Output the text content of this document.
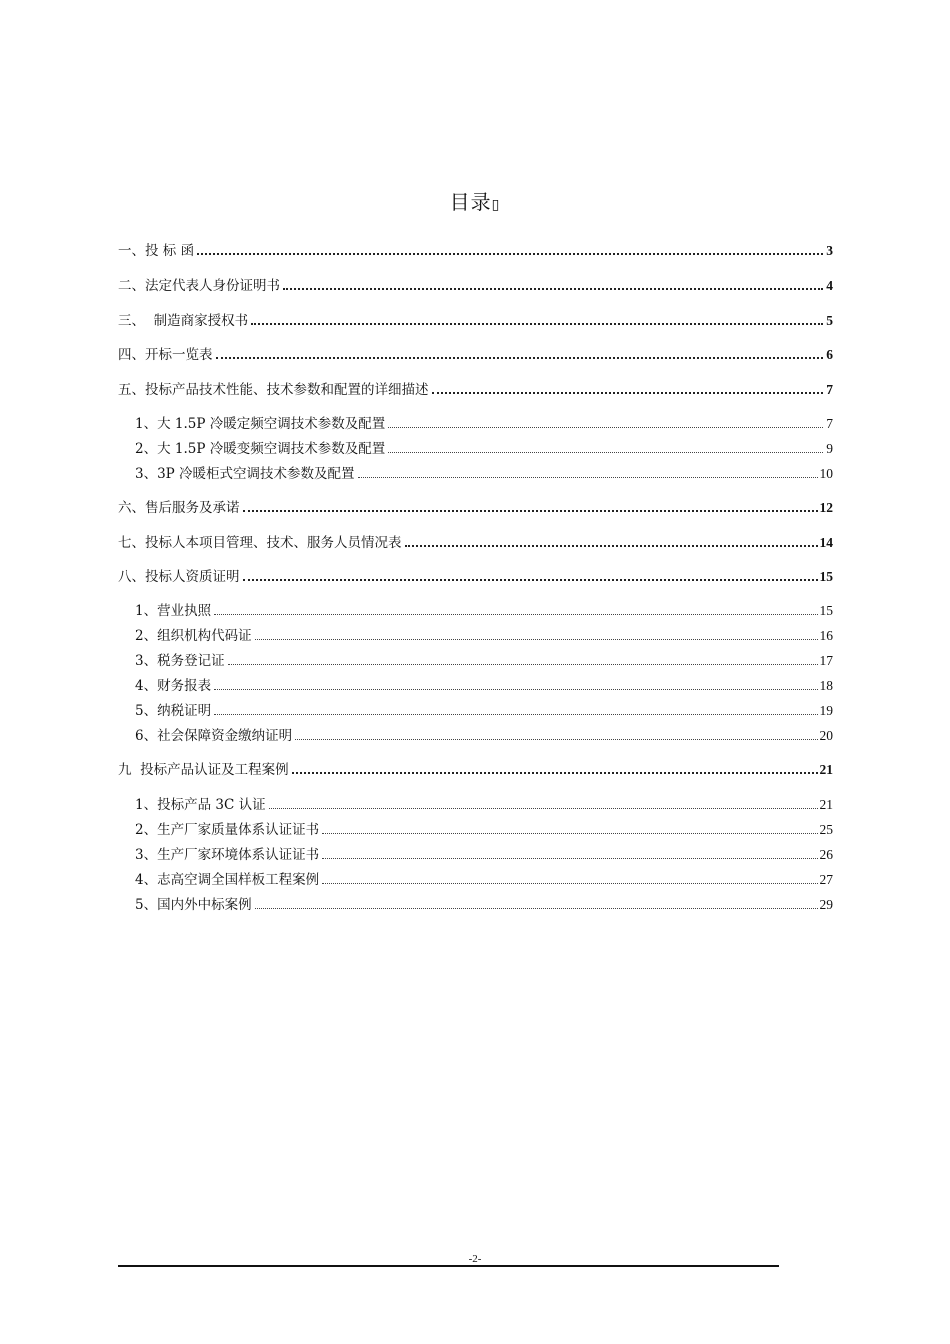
目录▯
一、投 标 函	3
二、法定代表人身份证明书	4
三、  制造商家授权书	5
四、开标一览表	6
五、投标产品技术性能、技术参数和配置的详细描述	7
1、大 1.5P 冷暖定频空调技术参数及配置	7
2、大 1.5P 冷暖变频空调技术参数及配置	9
3、3P 冷暖柜式空调技术参数及配置	10
六、售后服务及承诺	12
七、投标人本项目管理、技术、服务人员情况表	14
八、投标人资质证明	15
1、营业执照	15
2、组织机构代码证	16
3、税务登记证	17
4、财务报表	18
5、纳税证明	19
6、社会保障资金缴纳证明	20
九  投标产品认证及工程案例	21
1、投标产品 3C 认证	21
2、生产厂家质量体系认证证书	25
3、生产厂家环境体系认证证书	26
4、志高空调全国样板工程案例	27
5、国内外中标案例	29
-2-
